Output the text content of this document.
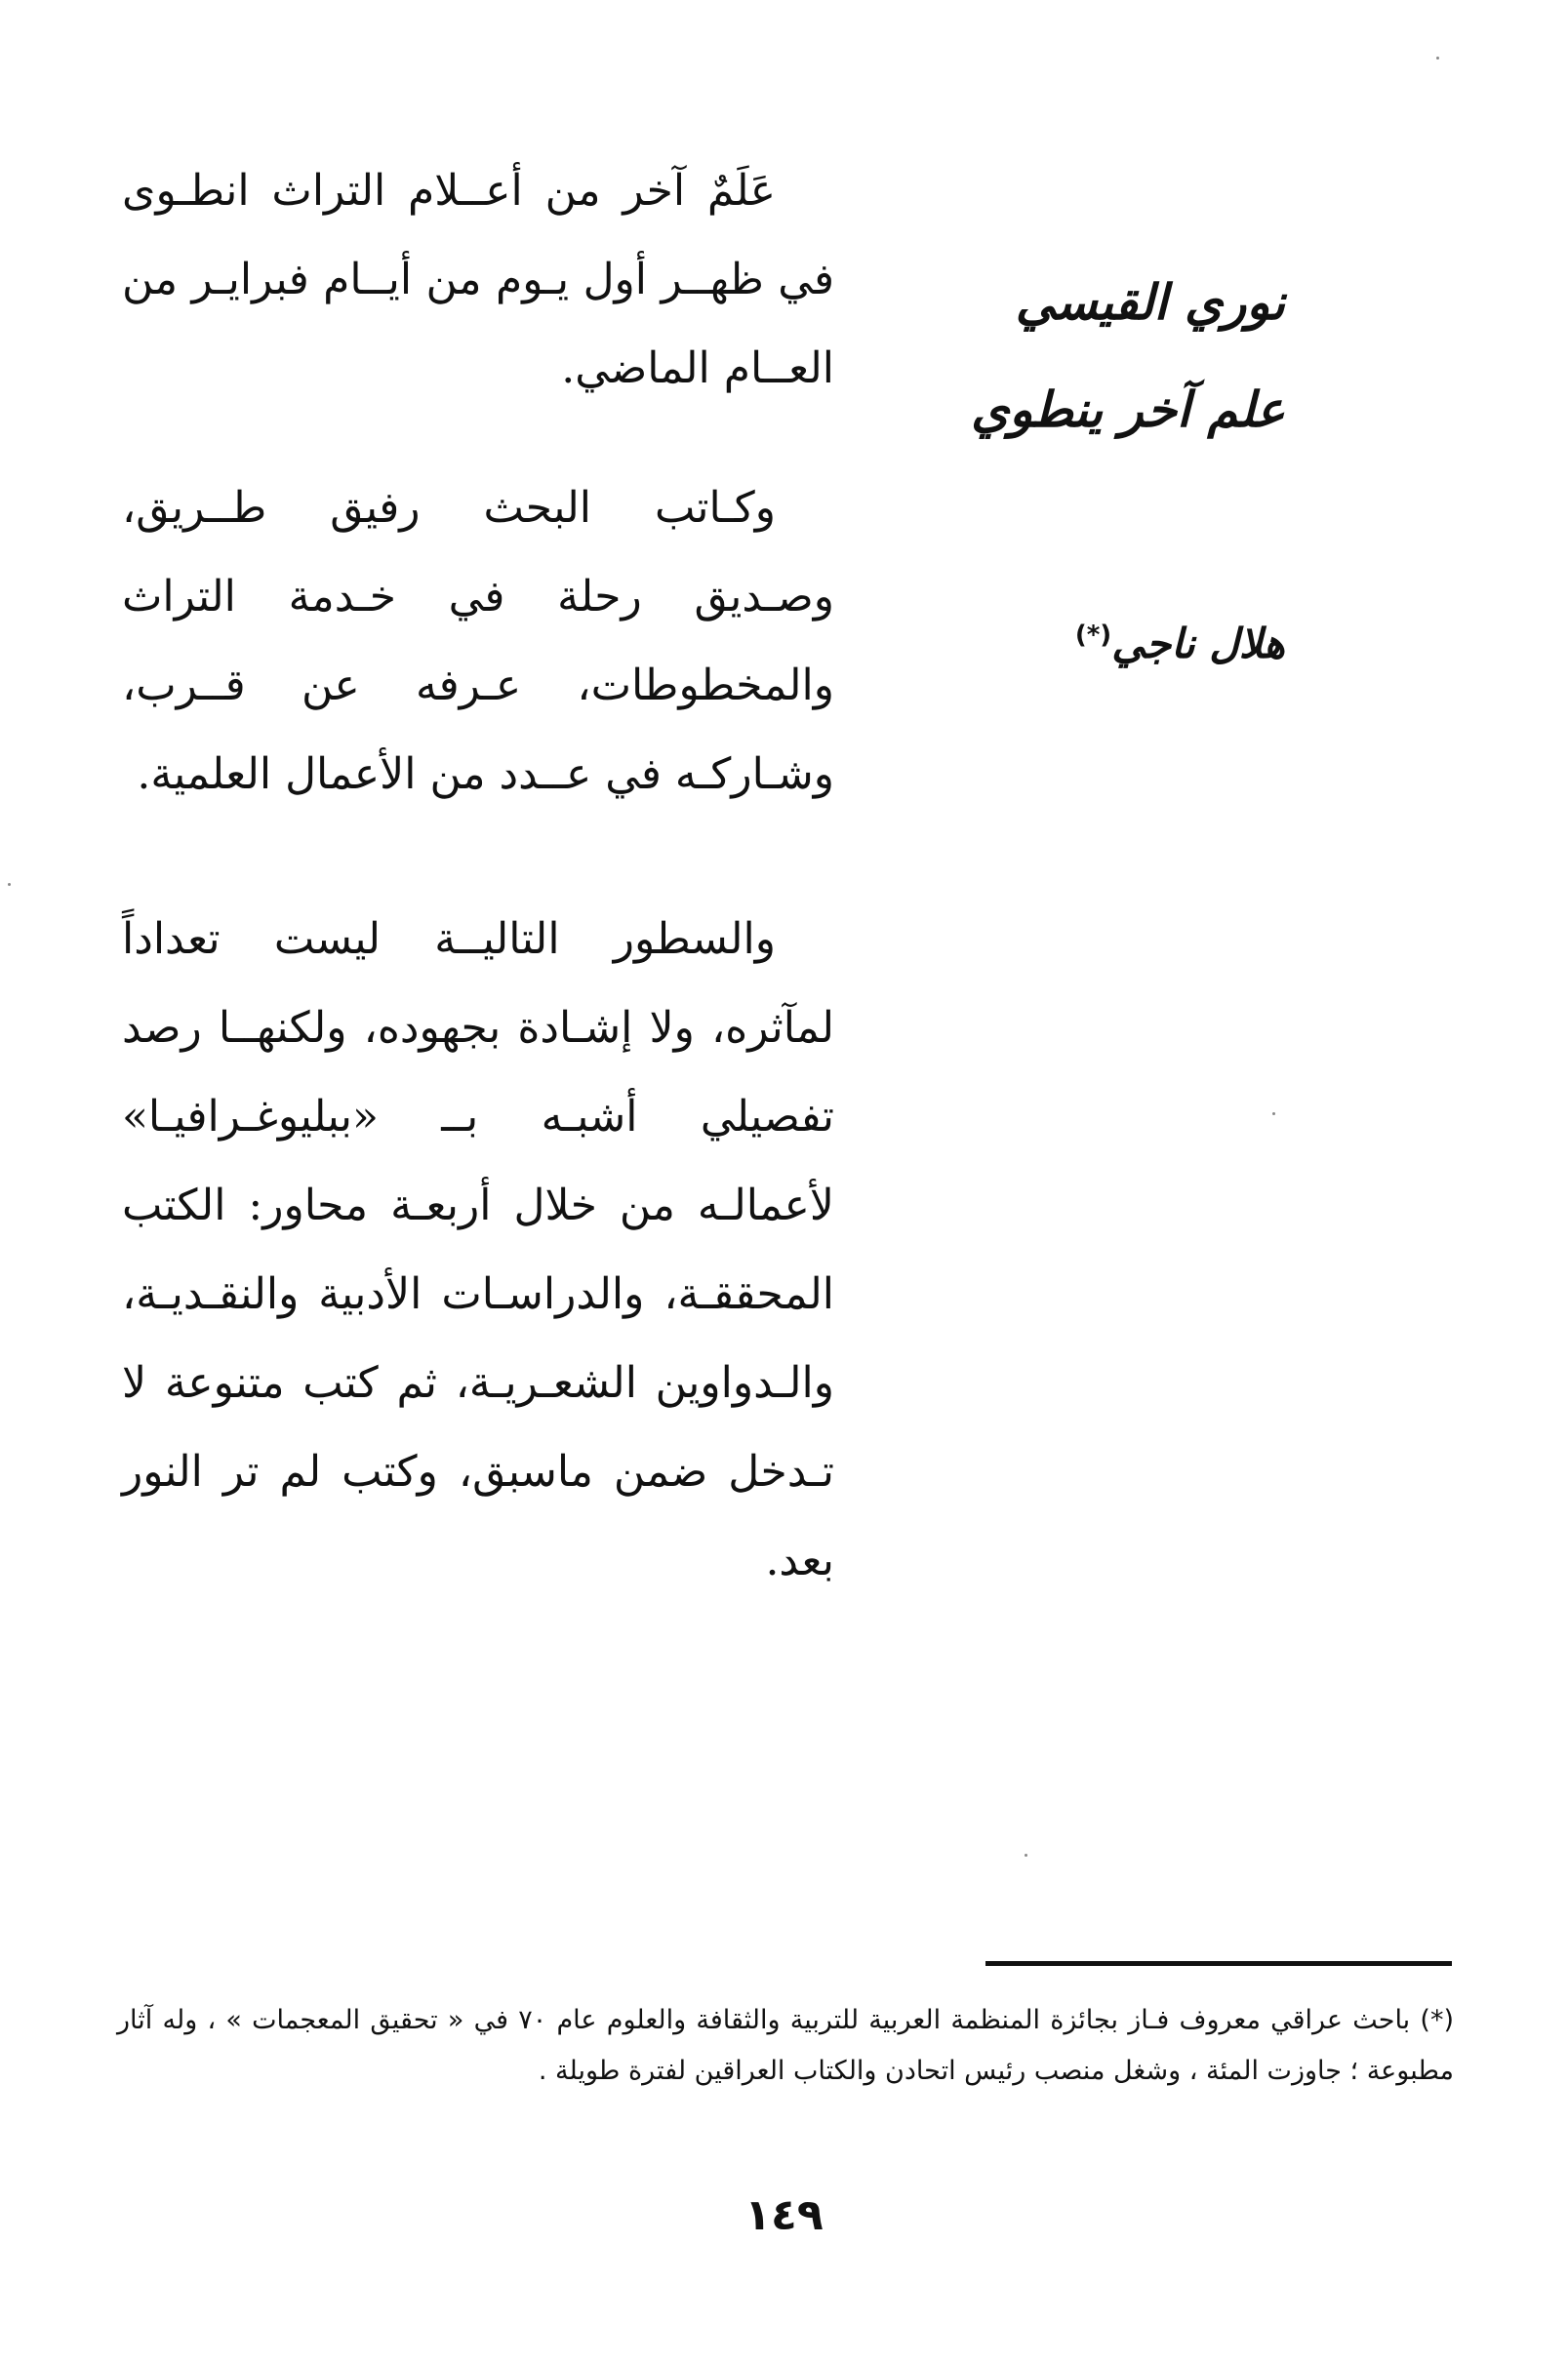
نوري القيسي

علم آخر ينطوي

هلال ناجي(*)

عَلَمٌ آخر من أعــلام التراث انطـوى في ظهــر أول يـوم من أيــام فبرايـر من العــام الماضي.

وكـاتب البحث رفيق طــريق، وصـديق رحلة في خـدمة التراث والمخطوطات، عـرفه عن قــرب، وشـاركـه في عــدد من الأعمال العلمية.

والسطور التاليــة ليست تعداداً لمآثره، ولا إشـادة بجهوده، ولكنهــا رصد تفصيلي أشبـه بــ «ببليوغـرافيـا» لأعمالـه من خلال أربعـة محاور: الكتب المحققـة، والدراسـات الأدبية والنقـديـة، والـدواوين الشعـريـة، ثم كتب متنوعة لا تـدخل ضمن ماسبق، وكتب لم تر النور بعد.

(*) باحث عراقي معروف فـاز بجائزة المنظمة العربية للتربية والثقافة والعلوم عام ٧٠ في « تحقيق المعجمات » ، وله آثار مطبوعة ؛ جاوزت المئة ، وشغل منصب رئيس اتحادن والكتاب العراقين لفترة طويلة .

١٤٩
